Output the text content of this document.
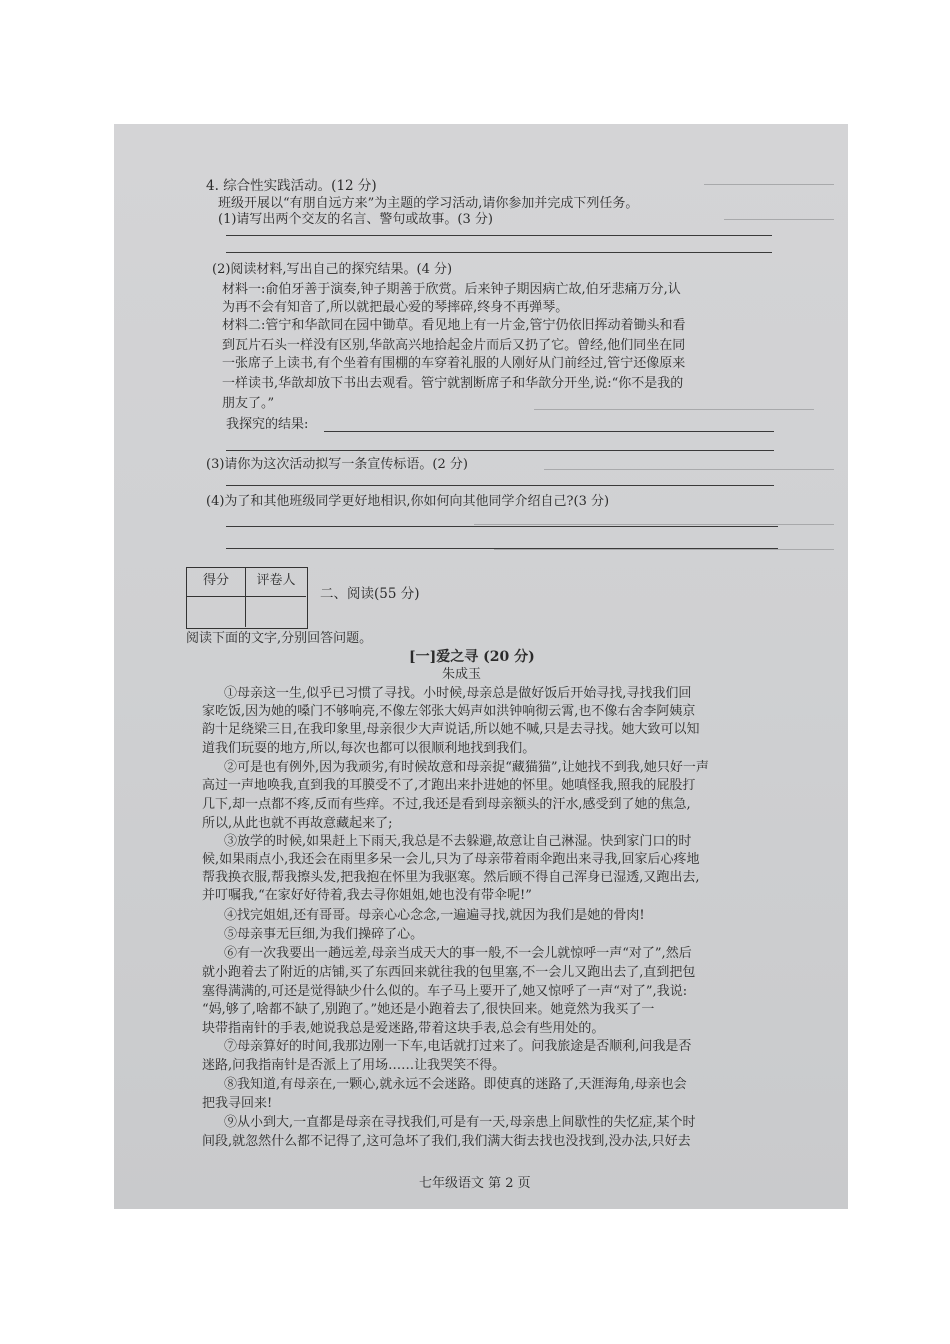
4. 综合性实践活动。(12 分)
班级开展以“有朋自远方来”为主题的学习活动,请你参加并完成下列任务。
(1)请写出两个交友的名言、警句或故事。(3 分)
(2)阅读材料,写出自己的探究结果。(4 分)
材料一:俞伯牙善于演奏,钟子期善于欣赏。后来钟子期因病亡故,伯牙悲痛万分,认
为再不会有知音了,所以就把最心爱的琴摔碎,终身不再弹琴。
材料二:管宁和华歆同在园中锄草。看见地上有一片金,管宁仍依旧挥动着锄头和看
到瓦片石头一样没有区别,华歆高兴地拾起金片而后又扔了它。曾经,他们同坐在同
一张席子上读书,有个坐着有围棚的车穿着礼服的人刚好从门前经过,管宁还像原来
一样读书,华歆却放下书出去观看。管宁就割断席子和华歆分开坐,说:“你不是我的
朋友了。”
我探究的结果:
(3)请你为这次活动拟写一条宣传标语。(2 分)
(4)为了和其他班级同学更好地相识,你如何向其他同学介绍自己?(3 分)
得分	评卷人
二、阅读(55 分)
阅读下面的文字,分别回答问题。
[一]爱之寻 (20 分)
朱成玉
①母亲这一生,似乎已习惯了寻找。小时候,母亲总是做好饭后开始寻找,寻找我们回
家吃饭,因为她的嗓门不够响亮,不像左邻张大妈声如洪钟响彻云霄,也不像右舍李阿姨京
韵十足绕梁三日,在我印象里,母亲很少大声说话,所以她不喊,只是去寻找。她大致可以知
道我们玩耍的地方,所以,每次也都可以很顺利地找到我们。
②可是也有例外,因为我顽劣,有时候故意和母亲捉“藏猫猫”,让她找不到我,她只好一声
高过一声地唤我,直到我的耳膜受不了,才跑出来扑进她的怀里。她嗔怪我,照我的屁股打
几下,却一点都不疼,反而有些痒。不过,我还是看到母亲额头的汗水,感受到了她的焦急,
所以,从此也就不再故意藏起来了;
③放学的时候,如果赶上下雨天,我总是不去躲避,故意让自己淋湿。快到家门口的时
候,如果雨点小,我还会在雨里多呆一会儿,只为了母亲带着雨伞跑出来寻我,回家后心疼地
帮我换衣服,帮我擦头发,把我抱在怀里为我驱寒。然后顾不得自己浑身已湿透,又跑出去,
并叮嘱我,“在家好好待着,我去寻你姐姐,她也没有带伞呢!”
④找完姐姐,还有哥哥。母亲心心念念,一遍遍寻找,就因为我们是她的骨肉!
⑤母亲事无巨细,为我们操碎了心。
⑥有一次我要出一趟远差,母亲当成天大的事一般,不一会儿就惊呼一声“对了”,然后
就小跑着去了附近的店铺,买了东西回来就往我的包里塞,不一会儿又跑出去了,直到把包
塞得满满的,可还是觉得缺少什么似的。车子马上要开了,她又惊呼了一声“对了”,我说:
“妈,够了,啥都不缺了,别跑了。”她还是小跑着去了,很快回来。她竟然为我买了一
块带指南针的手表,她说我总是爱迷路,带着这块手表,总会有些用处的。
⑦母亲算好的时间,我那边刚一下车,电话就打过来了。问我旅途是否顺利,问我是否
迷路,问我指南针是否派上了用场……让我哭笑不得。
⑧我知道,有母亲在,一颗心,就永远不会迷路。即使真的迷路了,天涯海角,母亲也会
把我寻回来!
⑨从小到大,一直都是母亲在寻找我们,可是有一天,母亲患上间歇性的失忆症,某个时
间段,就忽然什么都不记得了,这可急坏了我们,我们满大街去找也没找到,没办法,只好去
七年级语文 第 2 页
